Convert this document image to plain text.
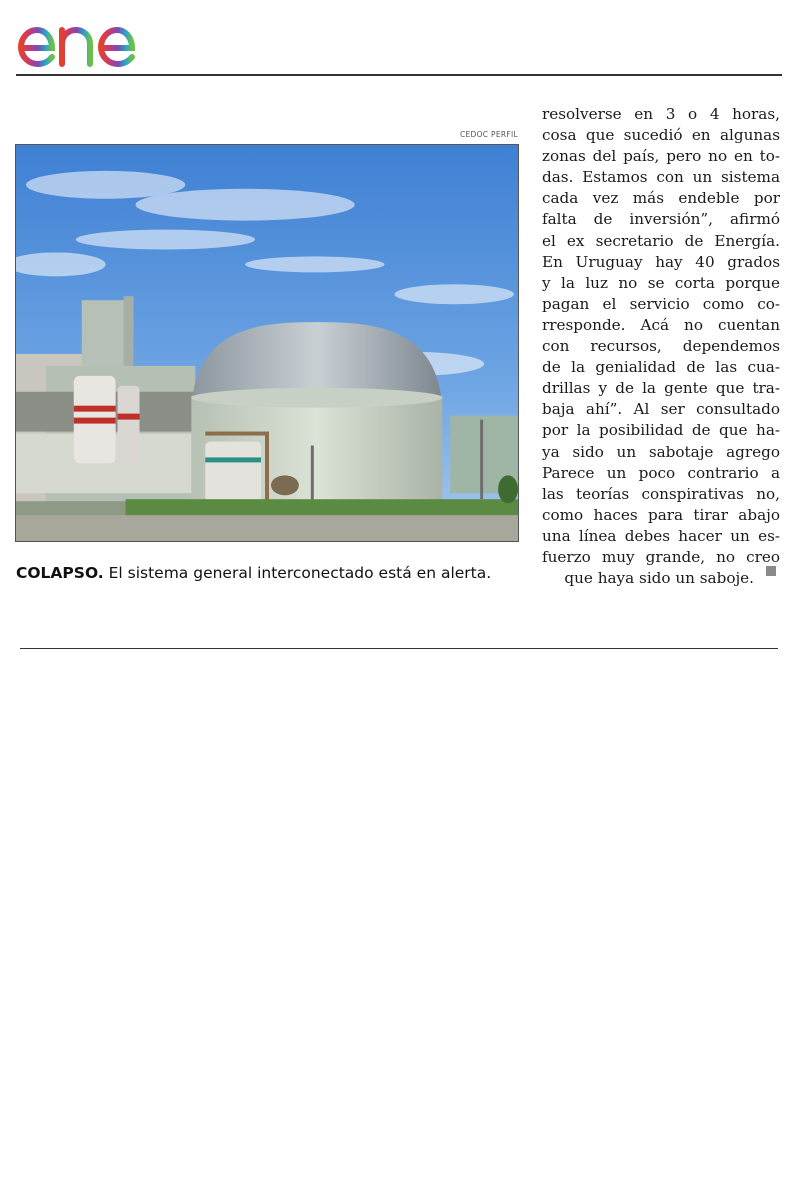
CEDOC PERFIL
COLAPSO. El sistema general interconectado está en alerta.
resolverse en 3 o 4 horas,
cosa que sucedió en algunas
zonas del país, pero no en to-
das. Estamos con un sistema
cada vez más endeble por
falta de inversión”, afirmó
el ex secretario de Energía.
En Uruguay hay 40 grados
y la luz no se corta porque
pagan el servicio como co-
rresponde. Acá no cuentan
con recursos, dependemos
de la genialidad de las cua-
drillas y de la gente que tra-
baja ahí”. Al ser consultado
por la posibilidad de que ha-
ya sido un sabotaje agrego
Parece un poco contrario a
las teorías conspirativas no,
como haces para tirar abajo
una línea debes hacer un es-
fuerzo muy grande, no creo
que haya sido un saboje.
